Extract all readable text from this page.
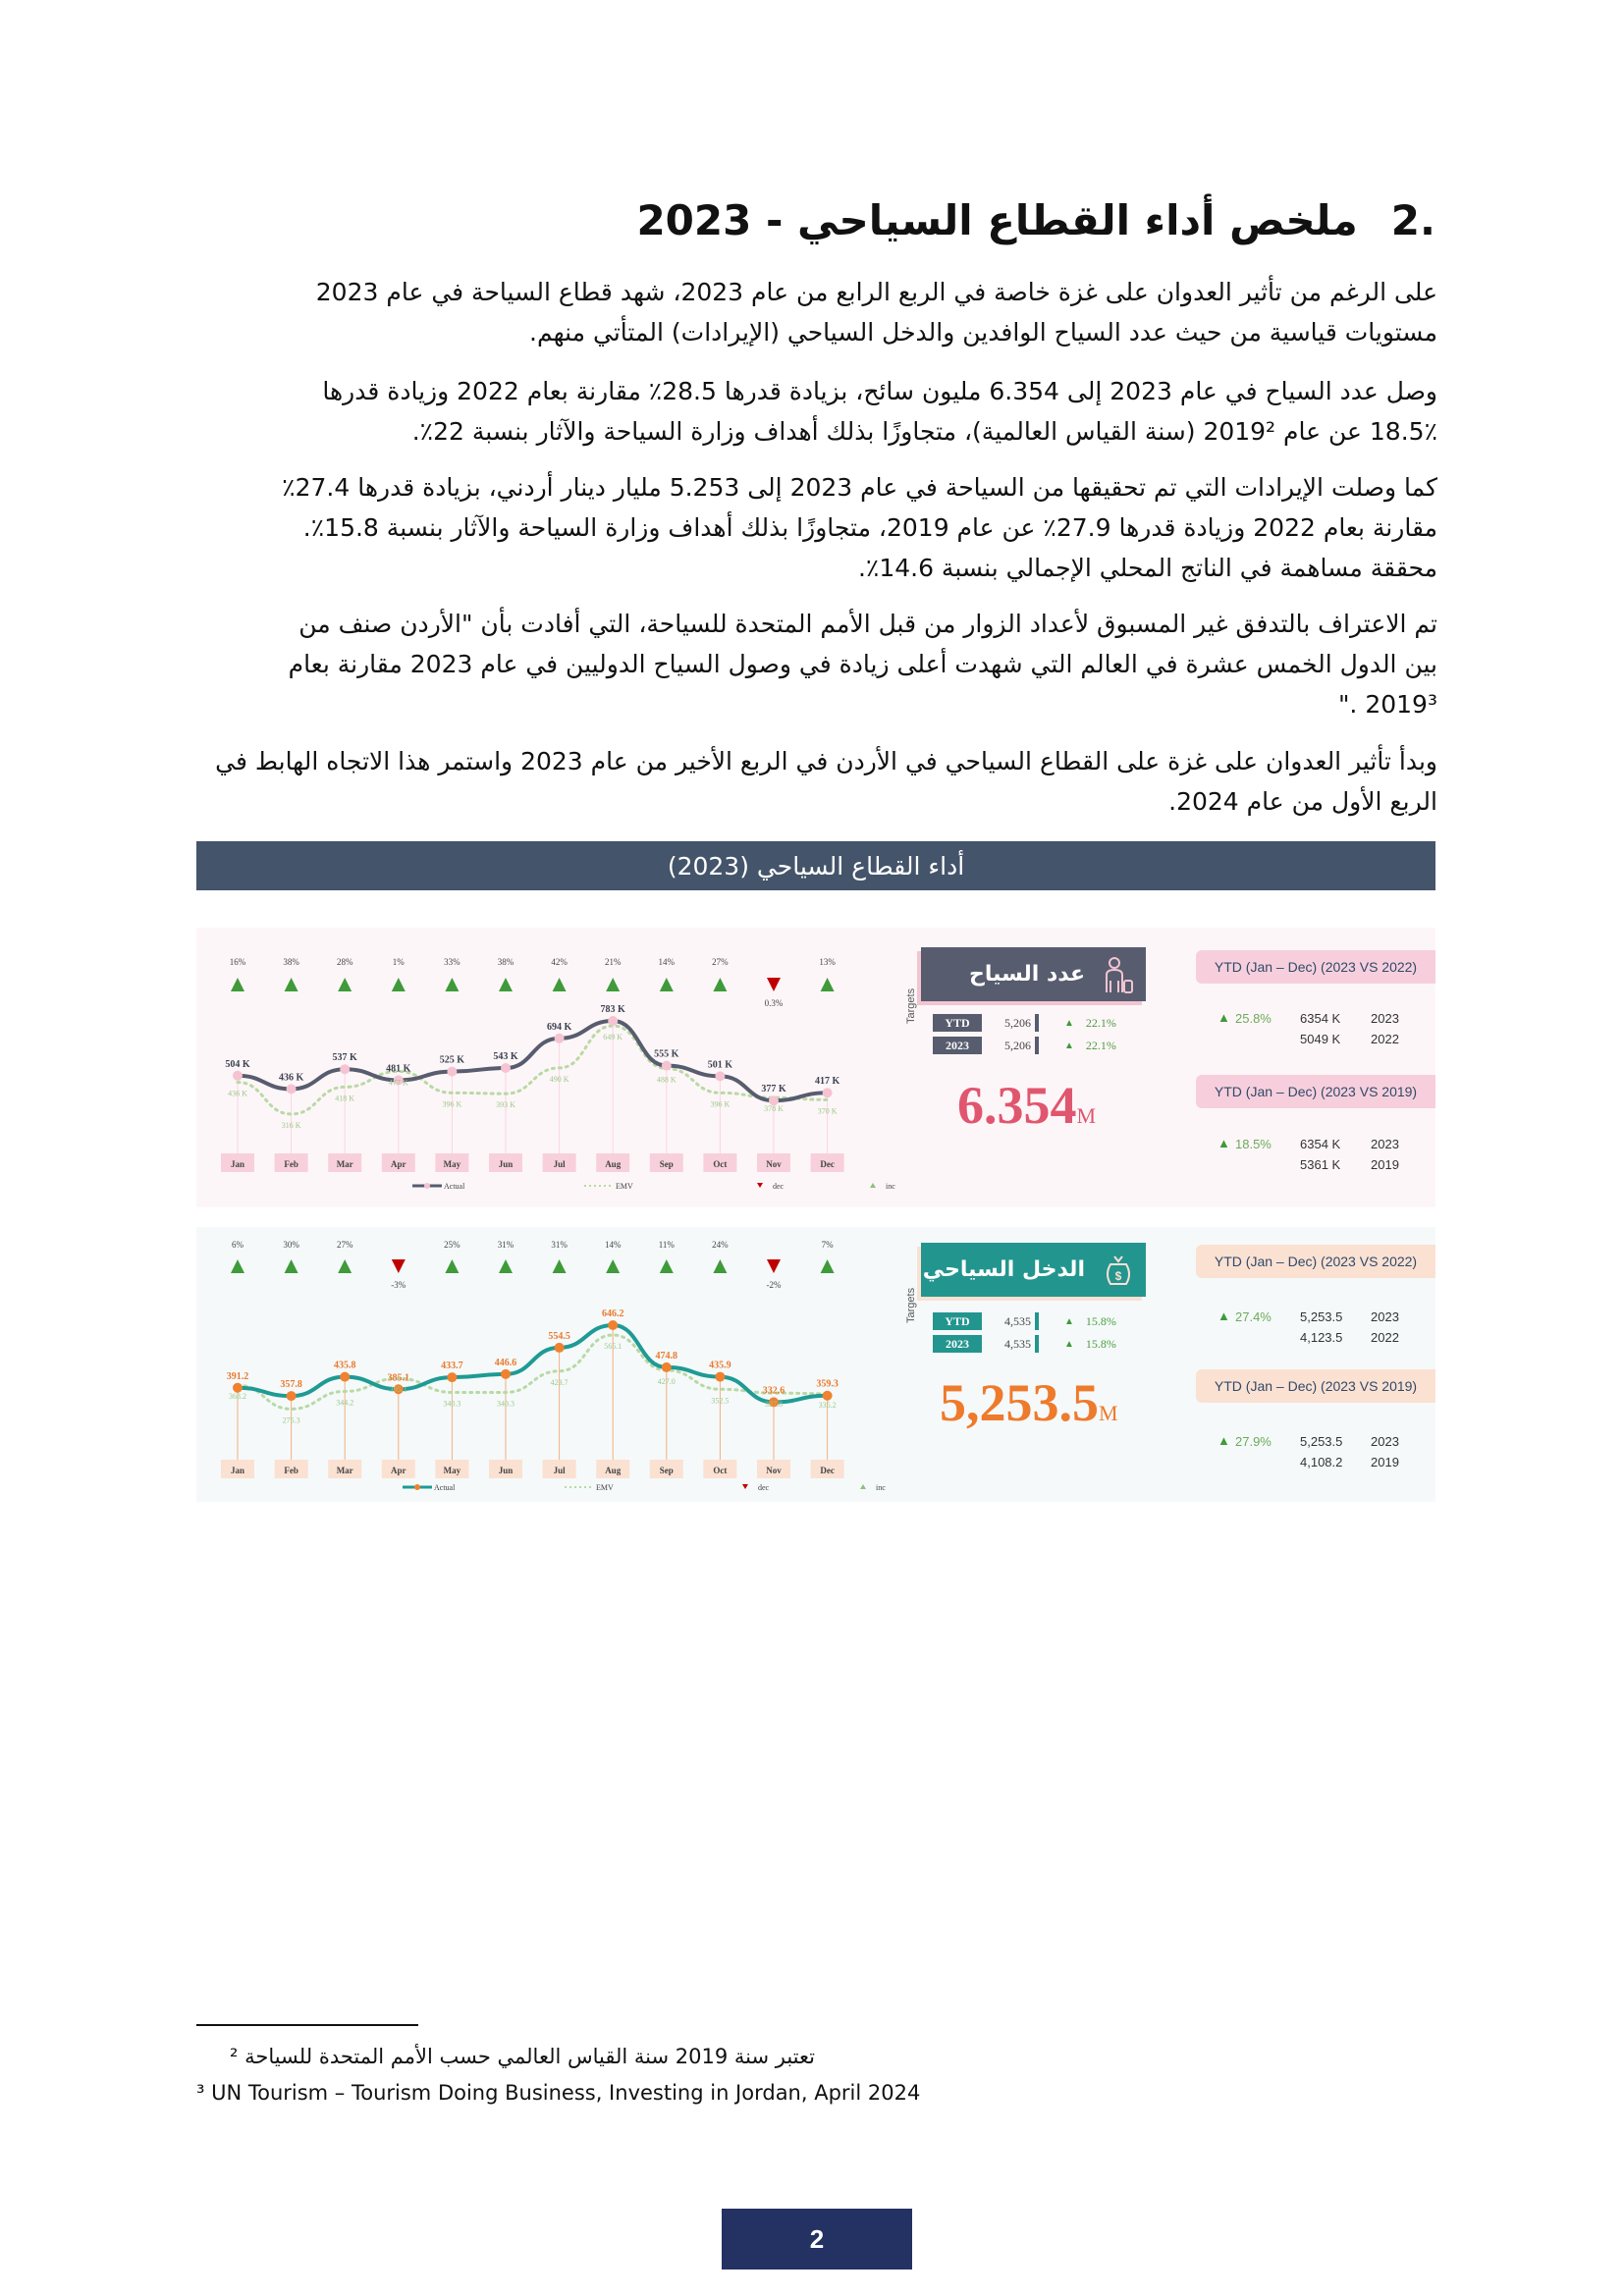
.2ملخص أداء القطاع السياحي - 2023
على الرغم من تأثير العدوان على غزة خاصة في الربع الرابع من عام 2023، شهد قطاع السياحة في عام 2023
مستويات قياسية من حيث عدد السياح الوافدين والدخل السياحي (الإيرادات) المتأتي منهم.
وصل عدد السياح في عام 2023 إلى 6.354 مليون سائح، بزيادة قدرها 28.5٪ مقارنة بعام 2022 وزيادة قدرها
18.5٪ عن عام 2019² (سنة القياس العالمية)، متجاوزًا بذلك أهداف وزارة السياحة والآثار بنسبة 22٪.
كما وصلت الإيرادات التي تم تحقيقها من السياحة في عام 2023 إلى 5.253 مليار دينار أردني، بزيادة قدرها 27.4٪
مقارنة بعام 2022 وزيادة قدرها 27.9٪ عن عام 2019، متجاوزًا بذلك أهداف وزارة السياحة والآثار بنسبة 15.8٪.
محققة مساهمة في الناتج المحلي الإجمالي بنسبة 14.6٪.
تم الاعتراف بالتدفق غير المسبوق لأعداد الزوار من قبل الأمم المتحدة للسياحة، التي أفادت بأن "الأردن صنف من
بين الدول الخمس عشرة في العالم التي شهدت أعلى زيادة في وصول السياح الدوليين في عام 2023 مقارنة بعام
2019³ ."
وبدأ تأثير العدوان على غزة على القطاع السياحي في الأردن في الربع الأخير من عام 2023 واستمر هذا الاتجاه الهابط في
الربع الأول من عام 2024.
أداء القطاع السياحي (2023)
Jan
16%
Feb
38%
Mar
28%
Apr
1%
May
33%
Jun
38%
Jul
42%
Aug
21%
Sep
14%
Oct
27%
Nov
0.3%
Dec
13%
504 K
436 K
436 K
316 K
537 K
418 K
481 K
477 K
525 K
396 K
543 K
393 K
694 K
490 K
783 K
649 K
555 K
488 K
501 K
396 K
377 K
378 K
417 K
370 K
Actual	EMV	dec	inc
عدد السياح
Targets	YTD	5,206	▲ 22.1%
2023	5,206	▲ 22.1%
6.354M
YTD (Jan – Dec) (2023 VS 2022)
▲ 25.8% 6354 K 2023
5049 K 2022
YTD (Jan – Dec) (2023 VS 2019)
▲ 18.5% 6354 K 2023
5361 K 2019
Jan
6%
Feb
30%
Mar
27%
Apr
-3%
May
25%
Jun
31%
Jul
31%
Aug
14%
Sep
11%
Oct
24%
Nov
-2%
Dec
7%
391.2
368.2
357.8
275.3
435.8
344.2
385.1
395.1
433.7
340.3
446.6
340.3
554.5
423.7
646.2
565.1
474.8
427.0
435.9
352.5
332.6
337.8
359.3
335.2
Actual	EMV	dec	inc
الدخل السياحي	$
Targets	YTD	4,535	▲ 15.8%
2023	4,535	▲ 15.8%
5,253.5M
YTD (Jan – Dec) (2023 VS 2022)
▲ 27.4% 5,253.5 2023
4,123.5 2022
YTD (Jan – Dec) (2023 VS 2019)
▲ 27.9% 5,253.5 2023
4,108.2 2019
تعتبر سنة 2019 سنة القياس العالمي حسب الأمم المتحدة للسياحة ²
³ UN Tourism – Tourism Doing Business, Investing in Jordan, April 2024
2
